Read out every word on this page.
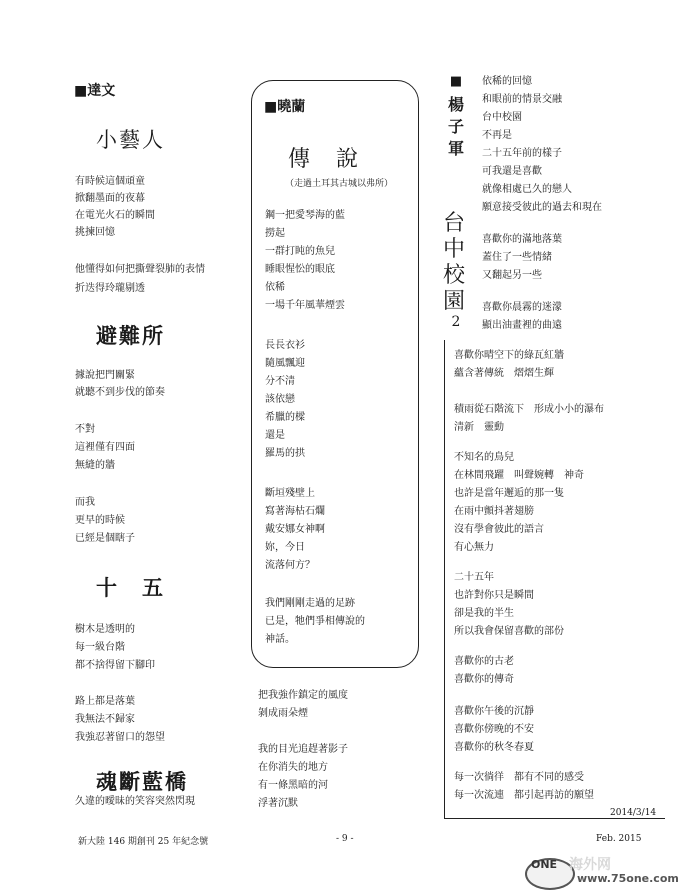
■達文
小藝人
有時候這個頑童
掀翻墨面的夜幕
在電光火石的瞬間
挑揀回憶
他懂得如何把撕聲裂肺的表情
折迭得玲瓏剔透
避難所
據說把門關緊
就聽不到步伐的節奏
不對
這裡僅有四面
無縫的牆
而我
更早的時候
已經是個瞎子
十　五
樹木是透明的
每一級台階
都不捨得留下腳印
路上都是落葉
我無法不歸家
我強忍著留口的怨望
魂斷藍橋
久違的曖昧的笑容突然閃現
■曉蘭
傳　說
（走過土耳其古城以弗所）
鋼一把愛琴海的藍
撈起
一群打盹的魚兒
睡眼惺忪的眼底
依稀
一場千年風華煙雲
長長衣衫
隨風飄迎
分不清
該依戀
希臘的樑
還是
羅馬的拱
斷垣殘壁上
寫著海枯石爛
戴安娜女神啊
妳，今日
流落何方？
我們剛剛走過的足跡
已是，牠們爭相傳說的
神話。
把我強作鎮定的風度
剝成雨朵煙
我的目光追趕著影子
在你消失的地方
有一條黑暗的河
浮著沉默
■
楊
子
軍
台
中
校
園
2
依稀的回憶
和眼前的情景交融
台中校園
不再是
二十五年前的樣子
可我還是喜歡
就像相處已久的戀人
願意接受彼此的過去和現在
喜歡你的滿地落葉
蓋住了一些情緒
又翻起另一些
喜歡你晨霧的迷濛
顯出油畫裡的曲遠
喜歡你晴空下的綠瓦紅牆
蘊含著傳統　熠熠生輝
積雨從石階流下　形成小小的瀑布
清新　靈動
不知名的鳥兒
在林間飛躍　叫聲婉轉　神奇
也許是當年邂逅的那一隻
在雨中顫抖著翅膀
沒有學會彼此的語言
有心無力
二十五年
也許對你只是瞬間
卻是我的半生
所以我會保留喜歡的部份
喜歡你的古老
喜歡你的傳奇
喜歡你午後的沉靜
喜歡你傍晚的不安
喜歡你的秋冬春夏
每一次徜徉　都有不同的感受
每一次流連　都引起再訪的願望
2014/3/14
新大陸 146 期創刊 25 年紀念號	- 9 -	Feb. 2015
ONE 海外网
www.75one.com
